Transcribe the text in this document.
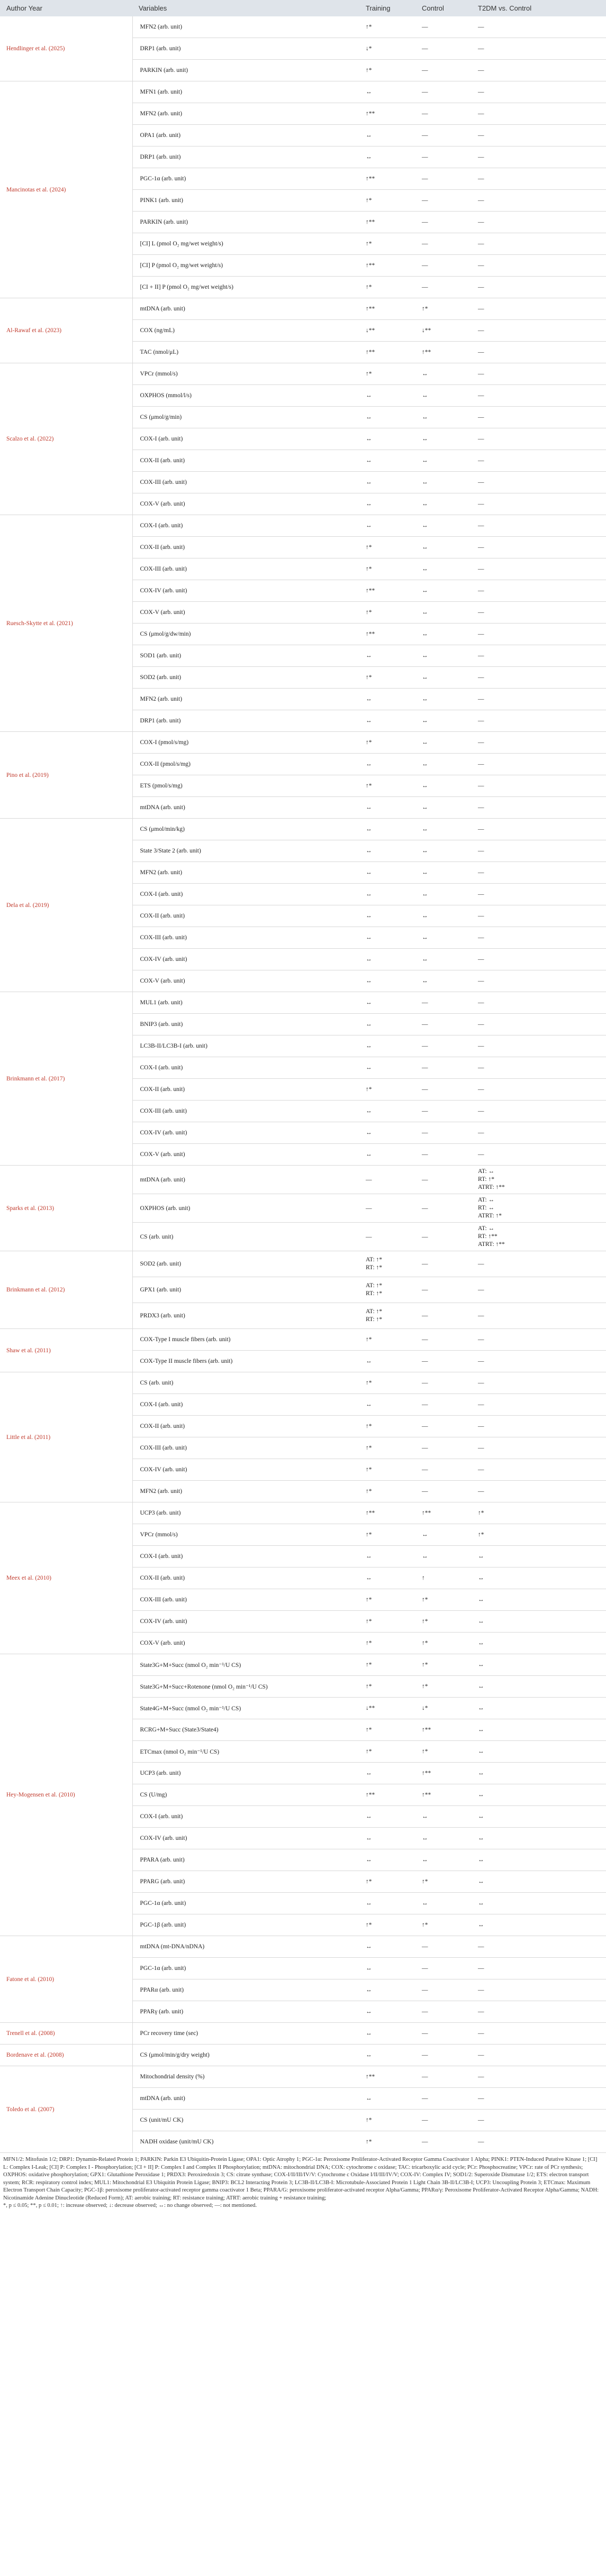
Author Year	Variables	Training	Control	T2DM vs. Control
Hendlinger et al. (2025)	MFN2 (arb. unit)	↑*	—	—
	DRP1 (arb. unit)	↓*	—	—
	PARKIN (arb. unit)	↑*	—	—
Mancinotas et al. (2024)	MFN1 (arb. unit)	↔	—	—
	MFN2 (arb. unit)	↑**	—	—
	OPA1 (arb. unit)	↔	—	—
	DRP1 (arb. unit)	↔	—	—
	PGC-1α (arb. unit)	↑**	—	—
	PINK1 (arb. unit)	↑*	—	—
	PARKIN (arb. unit)	↑**	—	—
	[CI] L (pmol O₂ mg/wet weight/s)	↑*	—	—
	[CI] P (pmol O₂ mg/wet weight/s)	↑**	—	—
	[CI + II] P (pmol O₂ mg/wet weight/s)	↑*	—	—
Al-Rawaf et al. (2023)	mtDNA (arb. unit)	↑**	↑*	—
	COX (ng/mL)	↓**	↓**	—
	TAC (nmol/μL)	↑**	↑**	—
Scalzo et al. (2022)	VPCr (mmol/s)	↑*	↔	—
	OXPHOS (mmol/l/s)	↔	↔	—
	CS (μmol/g/min)	↔	↔	—
	COX-I (arb. unit)	↔	↔	—
	COX-II (arb. unit)	↔	↔	—
	COX-III (arb. unit)	↔	↔	—
	COX-V (arb. unit)	↔	↔	—
Ruesch-Skytte et al. (2021)	COX-I (arb. unit)	↔	↔	—
	COX-II (arb. unit)	↑*	↔	—
	COX-III (arb. unit)	↑*	↔	—
	COX-IV (arb. unit)	↑**	↔	—
	COX-V (arb. unit)	↑*	↔	—
	CS (μmol/g/dw/min)	↑**	↔	—
	SOD1 (arb. unit)	↔	↔	—
	SOD2 (arb. unit)	↑*	↔	—
	MFN2 (arb. unit)	↔	↔	—
	DRP1 (arb. unit)	↔	↔	—
Pino et al. (2019)	COX-I (pmol/s/mg)	↑*	↔	—
	COX-II (pmol/s/mg)	↔	↔	—
	ETS (pmol/s/mg)	↑*	↔	—
	mtDNA (arb. unit)	↔	↔	—
Dela et al. (2019)	CS (μmol/min/kg)	↔	↔	—
	State 3/State 2 (arb. unit)	↔	↔	—
	MFN2 (arb. unit)	↔	↔	—
	COX-I (arb. unit)	↔	↔	—
	COX-II (arb. unit)	↔	↔	—
	COX-III (arb. unit)	↔	↔	—
	COX-IV (arb. unit)	↔	↔	—
	COX-V (arb. unit)	↔	↔	—
Brinkmann et al. (2017)	MUL1 (arb. unit)	↔	—	—
	BNIP3 (arb. unit)	↔	—	—
	LC3B-II/LC3B-I (arb. unit)	↔	—	—
	COX-I (arb. unit)	↔	—	—
	COX-II (arb. unit)	↑*	—	—
	COX-III (arb. unit)	↔	—	—
	COX-IV (arb. unit)	↔	—	—
	COX-V (arb. unit)	↔	—	—
Sparks et al. (2013)	mtDNA (arb. unit)	—	—	AT: ↔
RT: ↑*
ATRT: ↑**

	OXPHOS (arb. unit)	—	—	AT: ↔
RT: ↔
ATRT: ↑*

	CS (arb. unit)	—	—	AT: ↔
RT: ↑**
ATRT: ↑**

Brinkmann et al. (2012)	SOD2 (arb. unit)	AT: ↑*
RT: ↑*	—	—
	GPX1 (arb. unit)	AT: ↑*
RT: ↑*	—	—
	PRDX3 (arb. unit)	AT: ↑*
RT: ↑*	—	—
Shaw et al. (2011)	COX-Type I muscle fibers (arb. unit)	↑*	—	—
	COX-Type II muscle fibers (arb. unit)	↔	—	—
Little et al. (2011)	CS (arb. unit)	↑*	—	—
	COX-I (arb. unit)	↔	—	—
	COX-II (arb. unit)	↑*	—	—
	COX-III (arb. unit)	↑*	—	—
	COX-IV (arb. unit)	↑*	—	—
	MFN2 (arb. unit)	↑*	—	—
Meex et al. (2010)	UCP3 (arb. unit)	↑**	↑**	↑*
	VPCr (mmol/s)	↑*	↔	↑*
	COX-I (arb. unit)	↔	↔	↔
	COX-II (arb. unit)	↔	↑	↔
	COX-III (arb. unit)	↑*	↑*	↔
	COX-IV (arb. unit)	↑*	↑*	↔
	COX-V (arb. unit)	↑*	↑*	↔
Hey-Mogensen et al. (2010)	State3G+M+Succ (nmol O₂ min⁻¹/U CS)	↑*	↑*	↔
	State3G+M+Succ+Rotenone (nmol O₂ min⁻¹/U CS)	↑*	↑*	↔
	State4G+M+Succ (nmol O₂ min⁻¹/U CS)	↓**	↓*	↔
	RCRG+M+Succ (State3/State4)	↑*	↑**	↔
	ETCmax (nmol O₂ min⁻¹/U CS)	↑*	↑*	↔
	UCP3 (arb. unit)	↔	↑**	↔
	CS (U/mg)	↑**	↑**	↔
	COX-I (arb. unit)	↔	↔	↔
	COX-IV (arb. unit)	↔	↔	↔
	PPARA (arb. unit)	↔	↔	↔
	PPARG (arb. unit)	↑*	↑*	↔
	PGC-1α (arb. unit)	↔	↔	↔
	PGC-1β (arb. unit)	↑*	↑*	↔
Fatone et al. (2010)	mtDNA (mt-DNA/nDNA)	↔	—	—
	PGC-1α (arb. unit)	↔	—	—
	PPARα (arb. unit)	↔	—	—
	PPARγ (arb. unit)	↔	—	—
Trenell et al. (2008)	PCr recovery time (sec)	↔	—	—
Bordenave et al. (2008)	CS (μmol/min/g/dry weight)	↔	—	—
Toledo et al. (2007)	Mitochondrial density (%)	↑**	—	—
	mtDNA (arb. unit)	↔	—	—
	CS (unit/mU CK)	↑*	—	—
	NADH oxidase (unit/mU CK)	↑*	—	—

MFN1/2: Mitofusin 1/2; DRP1: Dynamin-Related Protein 1; PARKIN: Parkin E3 Ubiquitin-Protein Ligase; OPA1: Optic Atrophy 1; PGC-1α: Peroxisome Proliferator-Activated Receptor Gamma Coactivator 1 Alpha; PINK1: PTEN-Induced Putative Kinase 1; [CI] L: Complex I-Leak; [CI] P: Complex I - Phosphorylation; [CI + II] P: Complex I and Complex II Phosphorylation; mtDNA: mitochondrial DNA; COX: cytochrome c oxidase; TAC: tricarboxylic acid cycle; PCr: Phosphocreatine; VPCr: rate of PCr synthesis; OXPHOS: oxidative phosphorylation; GPX1: Glutathione Peroxidase 1; PRDX3: Peroxiredoxin 3; CS: citrate synthase; COX-I/II/III/IV/V: Cytochrome c Oxidase I/II/III/IV/V; COX-IV: Complex IV; SOD1/2: Superoxide Dismutase 1/2; ETS: electron transport system; RCR: respiratory control index; MUL1: Mitochondrial E3 Ubiquitin Protein Ligase; BNIP3: BCL2 Interacting Protein 3; LC3B-II/LC3B-I: Microtubule-Associated Protein 1 Light Chain 3B-II/LC3B-I; UCP3: Uncoupling Protein 3; ETCmax: Maximum Electron Transport Chain Capacity; PGC-1β: peroxisome proliferator-activated receptor gamma coactivator 1 Beta; PPARA/G: peroxisome proliferator-activated receptor Alpha/Gamma; PPARα/γ: Peroxisome Proliferator-Activated Receptor Alpha/Gamma; NADH: Nicotinamide Adenine Dinucleotide (Reduced Form); AT: aerobic training; RT: resistance training; ATRT: aerobic training + resistance training;

*, p ≤ 0.05; **, p ≤ 0.01; ↑: increase observed; ↓: decrease observed; ↔: no change observed; —: not mentioned.
